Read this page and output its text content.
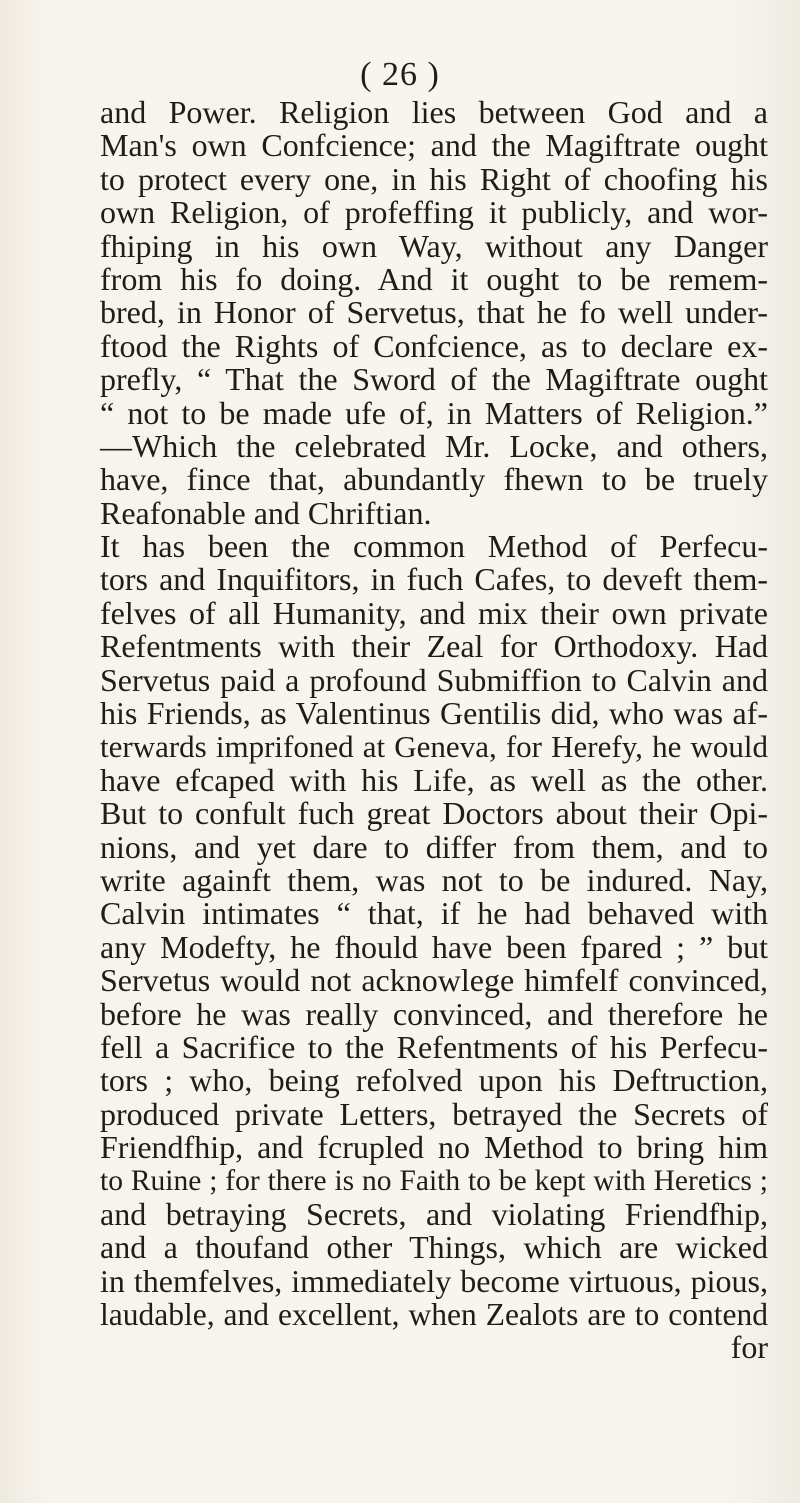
( 26 )
and Power. Religion lies between God and a
Man's own Confcience; and the Magiftrate ought
to protect every one, in his Right of choofing his
own Religion, of profeffing it publicly, and wor-
fhiping in his own Way, without any Danger
from his fo doing. And it ought to be remem-
bred, in Honor of Servetus, that he fo well under-
ftood the Rights of Confcience, as to declare ex-
prefly, “ That the Sword of the Magiftrate ought
“ not to be made ufe of, in Matters of Religion.”
—Which the celebrated Mr. Locke, and others,
have, fince that, abundantly fhewn to be truely
Reafonable and Chriftian.
It has been the common Method of Perfecu-
tors and Inquifitors, in fuch Cafes, to deveft them-
felves of all Humanity, and mix their own private
Refentments with their Zeal for Orthodoxy. Had
Servetus paid a profound Submiffion to Calvin and
his Friends, as Valentinus Gentilis did, who was af-
terwards imprifoned at Geneva, for Herefy, he would
have efcaped with his Life, as well as the other.
But to confult fuch great Doctors about their Opi-
nions, and yet dare to differ from them, and to
write againft them, was not to be indured. Nay,
Calvin intimates “ that, if he had behaved with
any Modefty, he fhould have been fpared ; ” but
Servetus would not acknowlege himfelf convinced,
before he was really convinced, and therefore he
fell a Sacrifice to the Refentments of his Perfecu-
tors ; who, being refolved upon his Deftruction,
produced private Letters, betrayed the Secrets of
Friendfhip, and fcrupled no Method to bring him
to Ruine ; for there is no Faith to be kept with Heretics ;
and betraying Secrets, and violating Friendfhip,
and a thoufand other Things, which are wicked
in themfelves, immediately become virtuous, pious,
laudable, and excellent, when Zealots are to contend
for
